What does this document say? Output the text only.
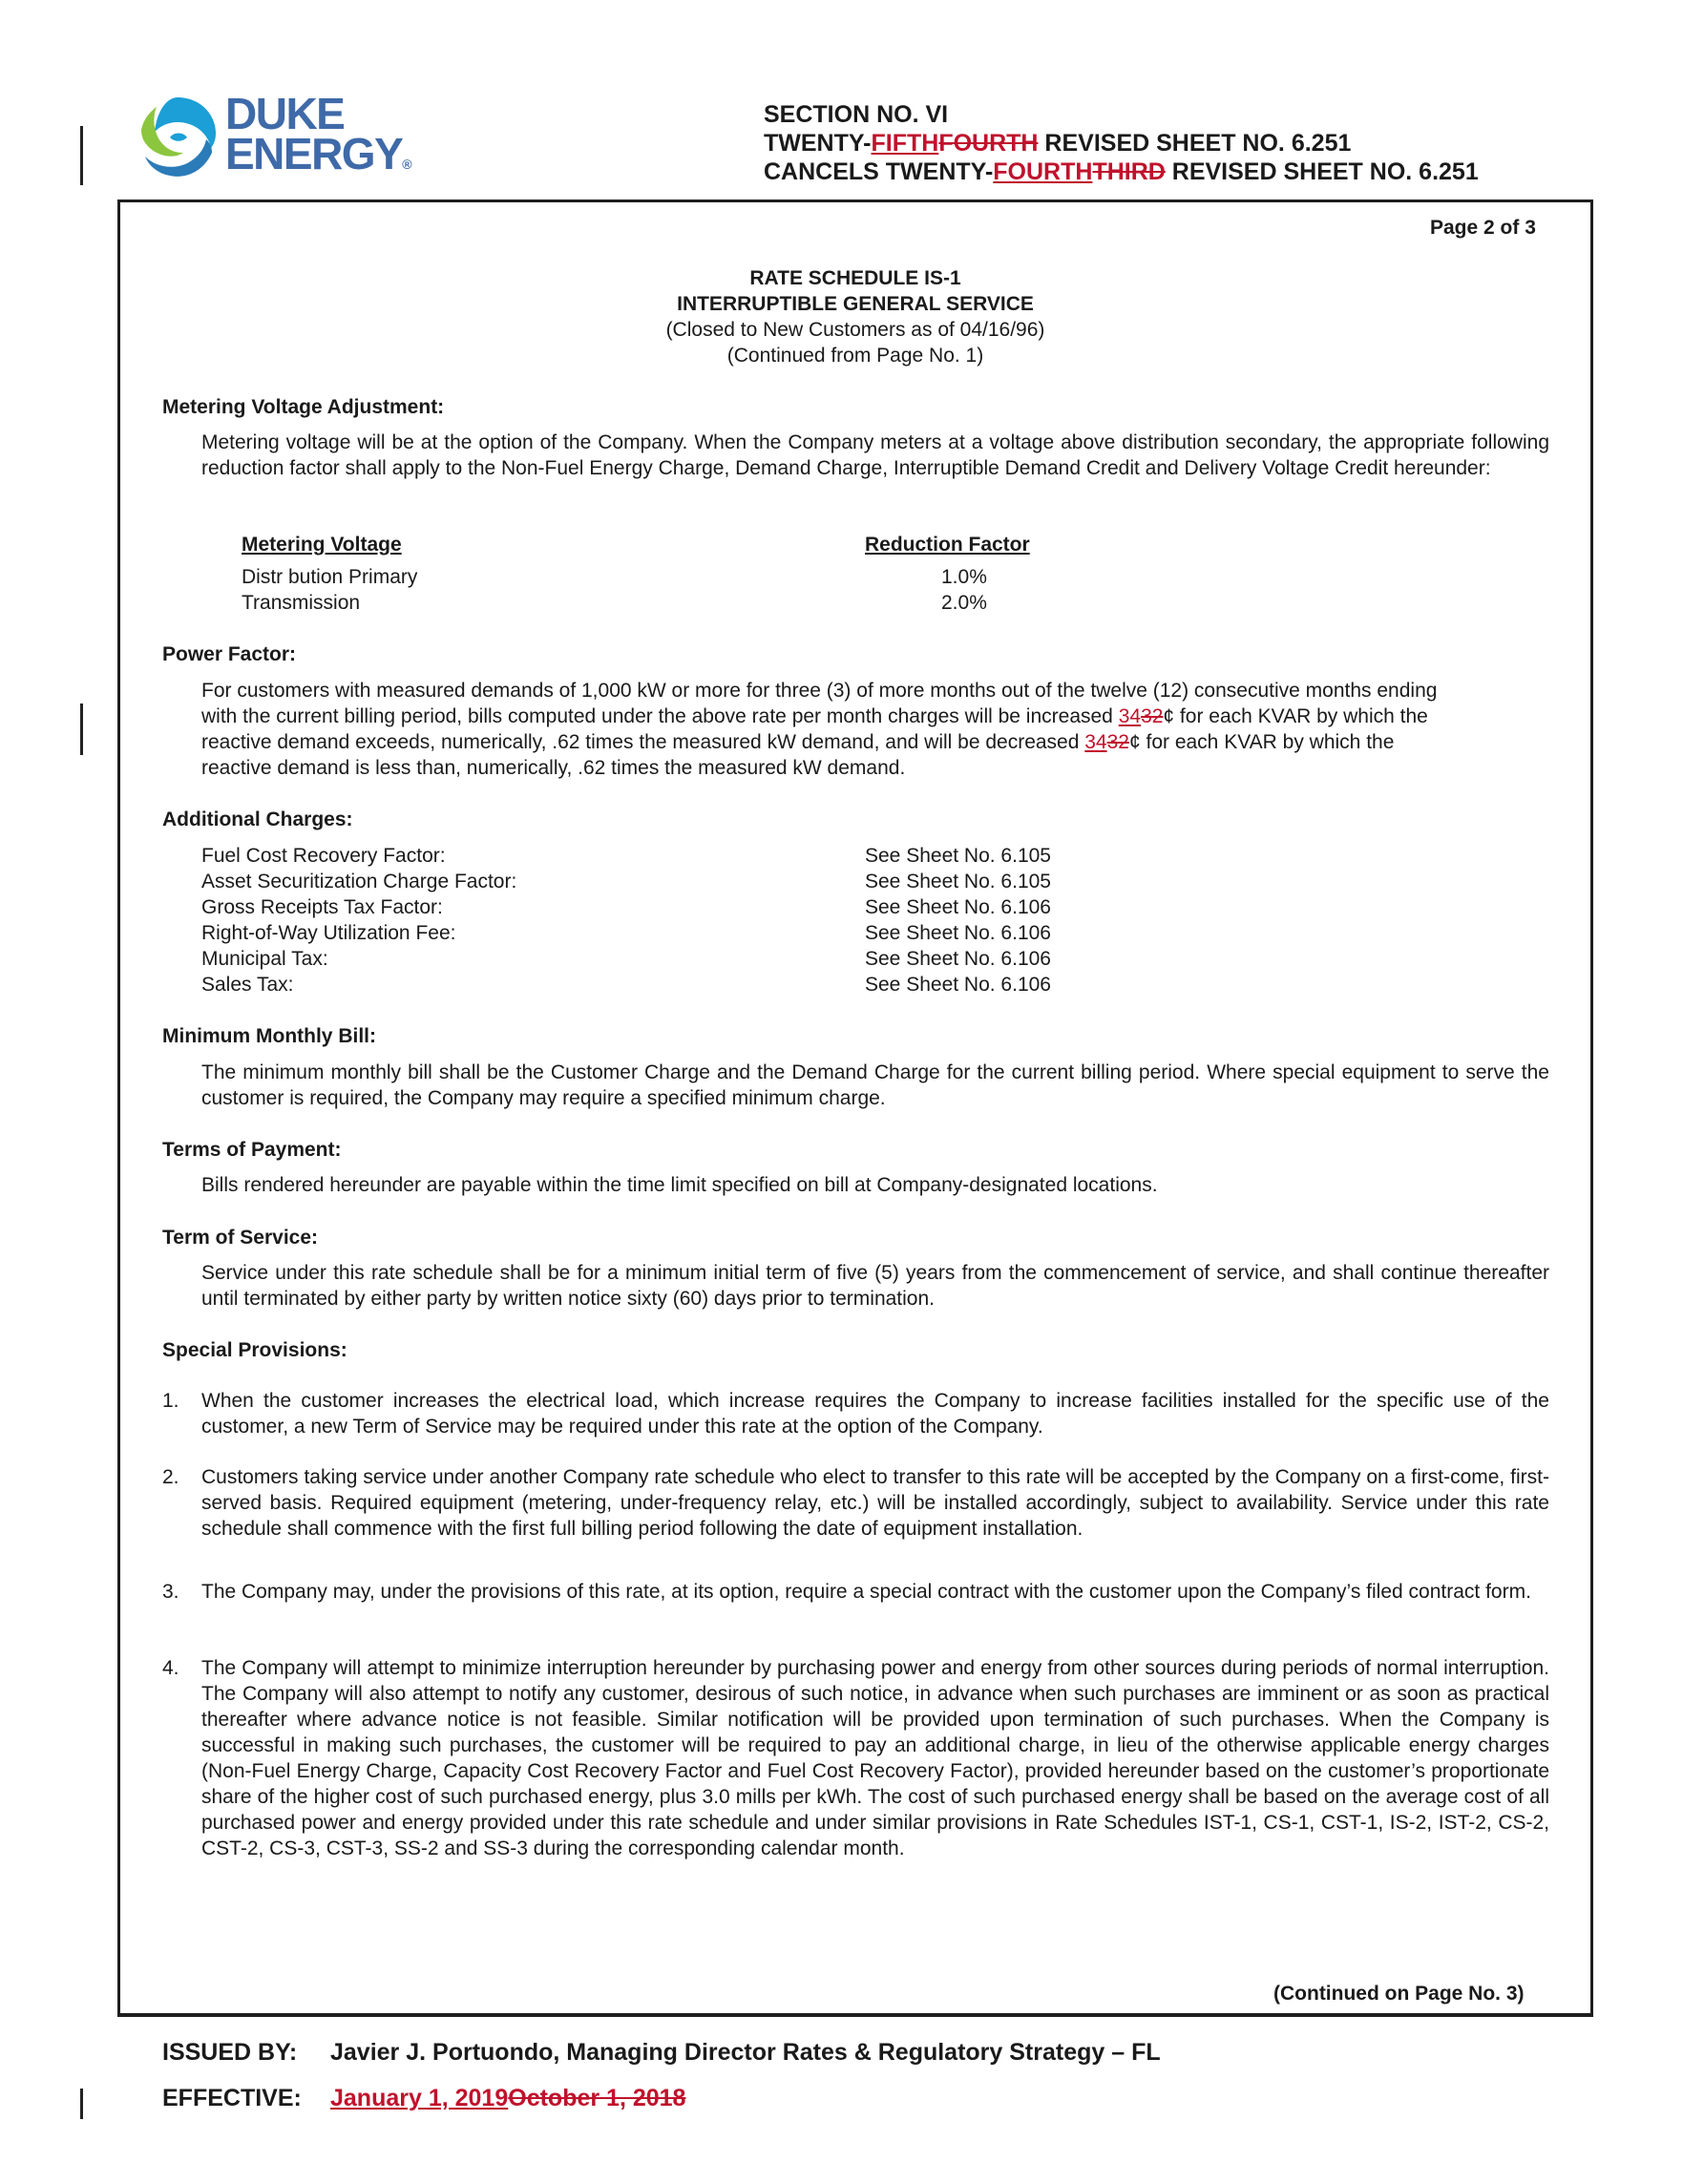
DUKE
ENERGY®
SECTION NO. VI
TWENTY-FIFTHFOURTH REVISED SHEET NO. 6.251
CANCELS TWENTY-FOURTHTHIRD REVISED SHEET NO. 6.251
Page 2 of 3
RATE SCHEDULE IS-1
INTERRUPTIBLE GENERAL SERVICE
(Closed to New Customers as of 04/16/96)
(Continued from Page No. 1)
Metering Voltage Adjustment:
Metering voltage will be at the option of the Company. When the Company meters at a voltage above distribution secondary, the appropriate following reduction factor shall apply to the Non-Fuel Energy Charge, Demand Charge, Interruptible Demand Credit and Delivery Voltage Credit hereunder:
Metering Voltage	Reduction Factor
Distr bution Primary	1.0%
Transmission	2.0%
Power Factor:
For customers with measured demands of 1,000 kW or more for three (3) of more months out of the twelve (12) consecutive months ending
with the current billing period, bills computed under the above rate per month charges will be increased 3432¢ for each KVAR by which the
reactive demand exceeds, numerically, .62 times the measured kW demand, and will be decreased 3432¢ for each KVAR by which the
reactive demand is less than, numerically, .62 times the measured kW demand.
Additional Charges:
Fuel Cost Recovery Factor:	See Sheet No. 6.105
Asset Securitization Charge Factor:	See Sheet No. 6.105
Gross Receipts Tax Factor:	See Sheet No. 6.106
Right-of-Way Utilization Fee:	See Sheet No. 6.106
Municipal Tax:	See Sheet No. 6.106
Sales Tax:	See Sheet No. 6.106
Minimum Monthly Bill:
The minimum monthly bill shall be the Customer Charge and the Demand Charge for the current billing period. Where special equipment to serve the customer is required, the Company may require a specified minimum charge.
Terms of Payment:
Bills rendered hereunder are payable within the time limit specified on bill at Company-designated locations.
Term of Service:
Service under this rate schedule shall be for a minimum initial term of five (5) years from the commencement of service, and shall continue thereafter until terminated by either party by written notice sixty (60) days prior to termination.
Special Provisions:
1. When the customer increases the electrical load, which increase requires the Company to increase facilities installed for the specific use of the customer, a new Term of Service may be required under this rate at the option of the Company.
2. Customers taking service under another Company rate schedule who elect to transfer to this rate will be accepted by the Company on a first-come, first-served basis. Required equipment (metering, under-frequency relay, etc.) will be installed accordingly, subject to availability. Service under this rate schedule shall commence with the first full billing period following the date of equipment installation.
3. The Company may, under the provisions of this rate, at its option, require a special contract with the customer upon the Company’s filed contract form.
4. The Company will attempt to minimize interruption hereunder by purchasing power and energy from other sources during periods of normal interruption. The Company will also attempt to notify any customer, desirous of such notice, in advance when such purchases are imminent or as soon as practical thereafter where advance notice is not feasible. Similar notification will be provided upon termination of such purchases. When the Company is successful in making such purchases, the customer will be required to pay an additional charge, in lieu of the otherwise applicable energy charges (Non-Fuel Energy Charge, Capacity Cost Recovery Factor and Fuel Cost Recovery Factor), provided hereunder based on the customer’s proportionate share of the higher cost of such purchased energy, plus 3.0 mills per kWh. The cost of such purchased energy shall be based on the average cost of all purchased power and energy provided under this rate schedule and under similar provisions in Rate Schedules IST-1, CS-1, CST-1, IS-2, IST-2, CS-2, CST-2, CS-3, CST-3, SS-2 and SS-3 during the corresponding calendar month.
(Continued on Page No. 3)
ISSUED BY: Javier J. Portuondo, Managing Director Rates & Regulatory Strategy – FL
EFFECTIVE: January 1, 2019October 1, 2018
